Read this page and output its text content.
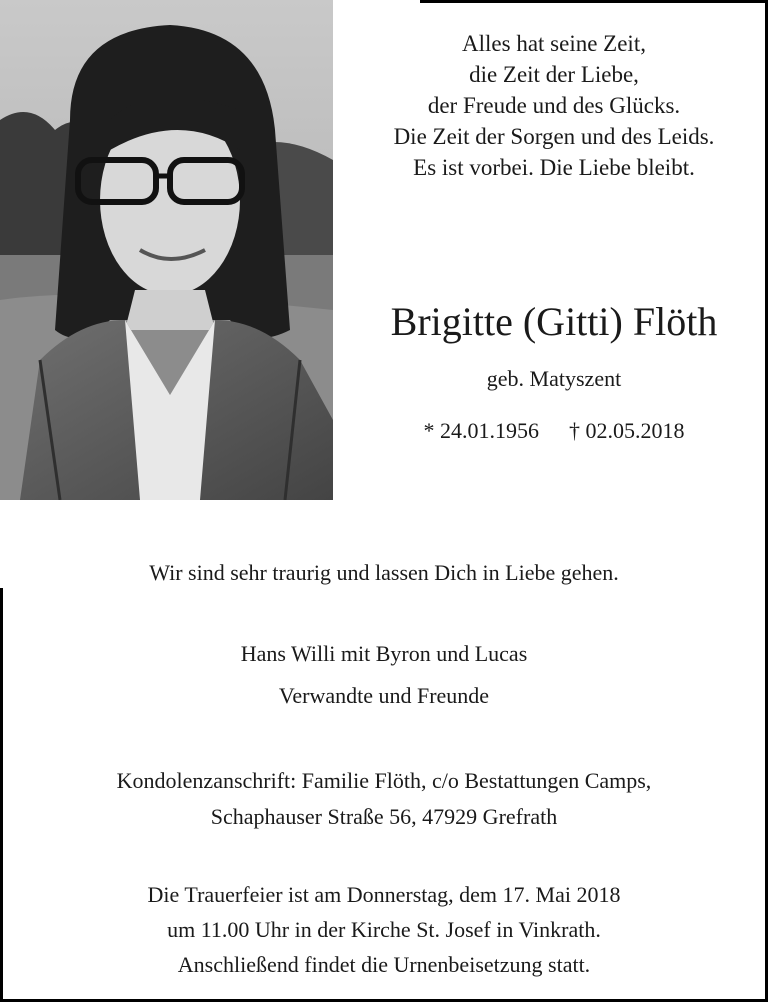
Alles hat seine Zeit,
die Zeit der Liebe,
der Freude und des Glücks.
Die Zeit der Sorgen und des Leids.
Es ist vorbei. Die Liebe bleibt.
Brigitte (Gitti) Flöth
geb. Matyszent
* 24.01.1956 † 02.05.2018
Wir sind sehr traurig und lassen Dich in Liebe gehen.
Hans Willi mit Byron und Lucas
Verwandte und Freunde
Kondolenzanschrift: Familie Flöth, c/o Bestattungen Camps,
Schaphauser Straße 56, 47929 Grefrath
Die Trauerfeier ist am Donnerstag, dem 17. Mai 2018
um 11.00 Uhr in der Kirche St. Josef in Vinkrath.
Anschließend findet die Urnenbeisetzung statt.
